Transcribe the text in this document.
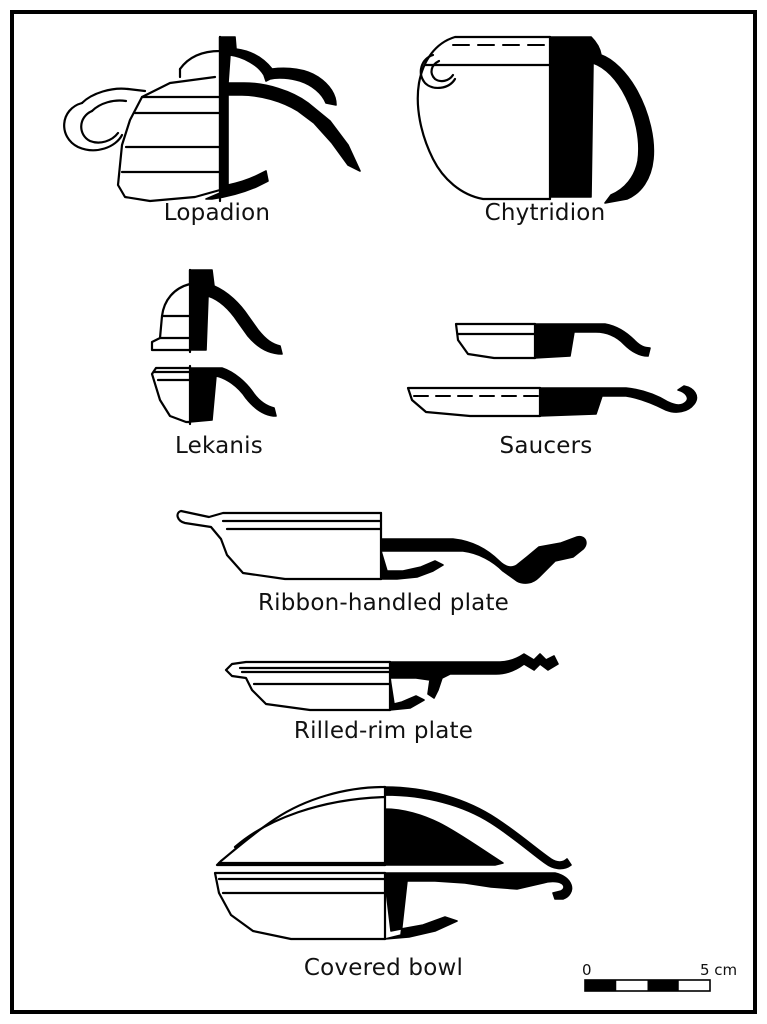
Lopadion	Chytridion
Lekanis	Saucers
Ribbon-handled plate
Rilled-rim plate
Covered bowl	0	5 cm
